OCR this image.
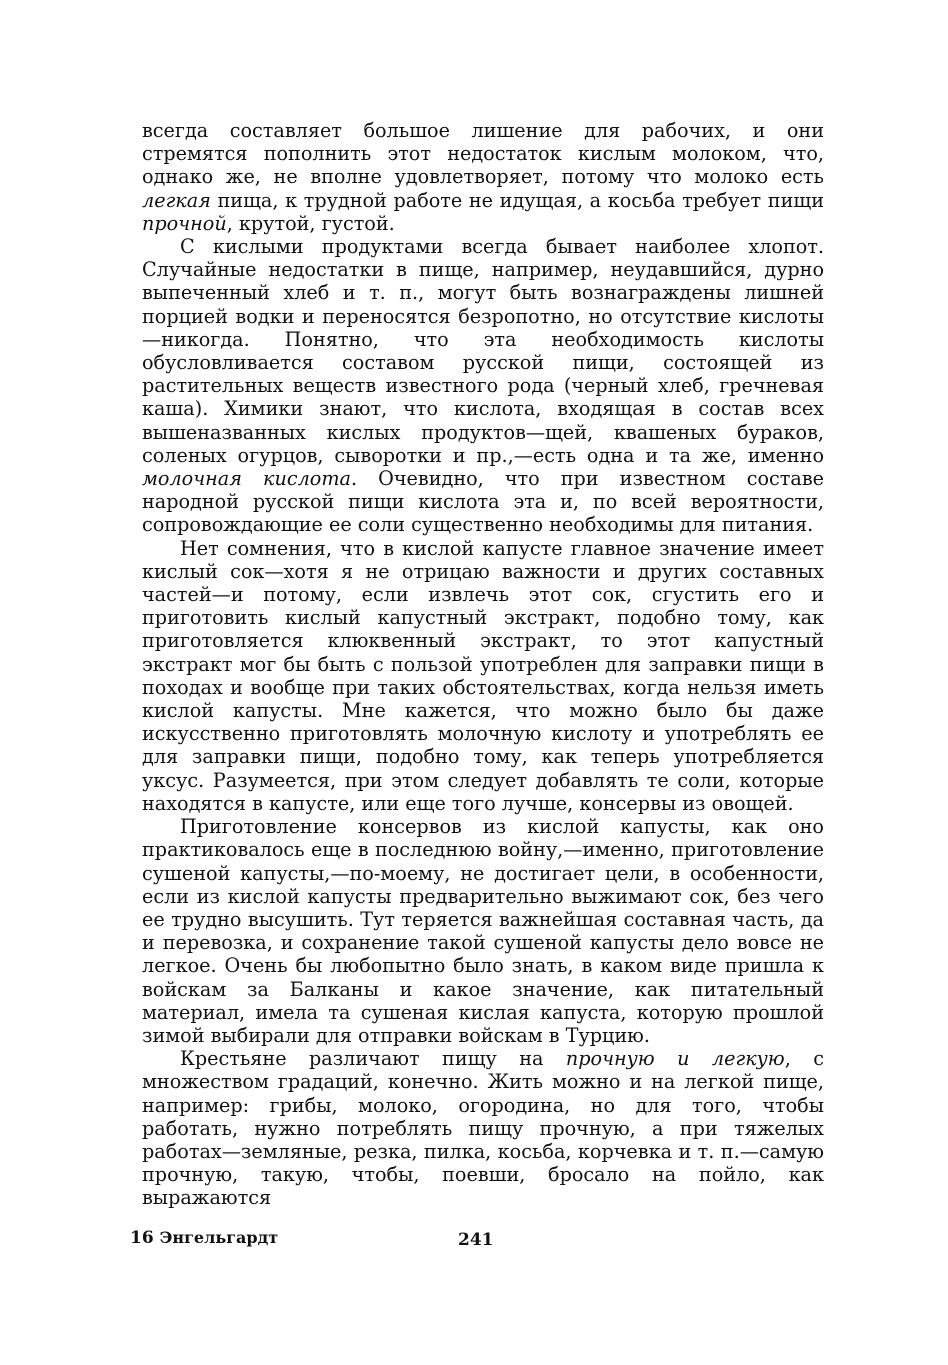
всегда составляет большое лишение для рабочих, и они стремятся пополнить этот недостаток кислым молоком, что, однако же, не вполне удовлетворяет, потому что молоко есть легкая пища, к трудной работе не идущая, а косьба требует пищи прочной, крутой, густой.

С кислыми продуктами всегда бывает наиболее хлопот. Случайные недостатки в пище, например, неудавшийся, дурно выпеченный хлеб и т. п., могут быть вознаграждены лишней порцией водки и переносятся безропотно, но отсутствие кислоты—никогда. Понятно, что эта необходимость кислоты обусловливается составом русской пищи, состоящей из растительных веществ известного рода (черный хлеб, гречневая каша). Химики знают, что кислота, входящая в состав всех вышеназванных кислых продуктов—щей, квашеных бураков, соленых огурцов, сыворотки и пр.,—есть одна и та же, именно молочная кислота. Очевидно, что при известном составе народной русской пищи кислота эта и, по всей вероятности, сопровождающие ее соли существенно необходимы для питания.

Нет сомнения, что в кислой капусте главное значение имеет кислый сок—хотя я не отрицаю важности и других составных частей—и потому, если извлечь этот сок, сгустить его и приготовить кислый капустный экстракт, подобно тому, как приготовляется клюквенный экстракт, то этот капустный экстракт мог бы быть с пользой употреблен для заправки пищи в походах и вообще при таких обстоятельствах, когда нельзя иметь кислой капусты. Мне кажется, что можно было бы даже искусственно приготовлять молочную кислоту и употреблять ее для заправки пищи, подобно тому, как теперь употребляется уксус. Разумеется, при этом следует добавлять те соли, которые находятся в капусте, или еще того лучше, консервы из овощей.

Приготовление консервов из кислой капусты, как оно практиковалось еще в последнюю войну,—именно, приготовление сушеной капусты,—по-моему, не достигает цели, в особенности, если из кислой капусты предварительно выжимают сок, без чего ее трудно высушить. Тут теряется важнейшая составная часть, да и перевозка, и сохранение такой сушеной капусты дело вовсе не легкое. Очень бы любопытно было знать, в каком виде пришла к войскам за Балканы и какое значение, как питательный материал, имела та сушеная кислая капуста, которую прошлой зимой выбирали для отправки войскам в Турцию.

Крестьяне различают пищу на прочную и легкую, с множеством градаций, конечно. Жить можно и на легкой пище, например: грибы, молоко, огородина, но для того, чтобы работать, нужно потреблять пищу прочную, а при тяжелых работах—земляные, резка, пилка, косьба, корчевка и т. п.—самую прочную, такую, чтобы, поевши, бросало на пойло, как выражаются

16 Энгельгардт	241
